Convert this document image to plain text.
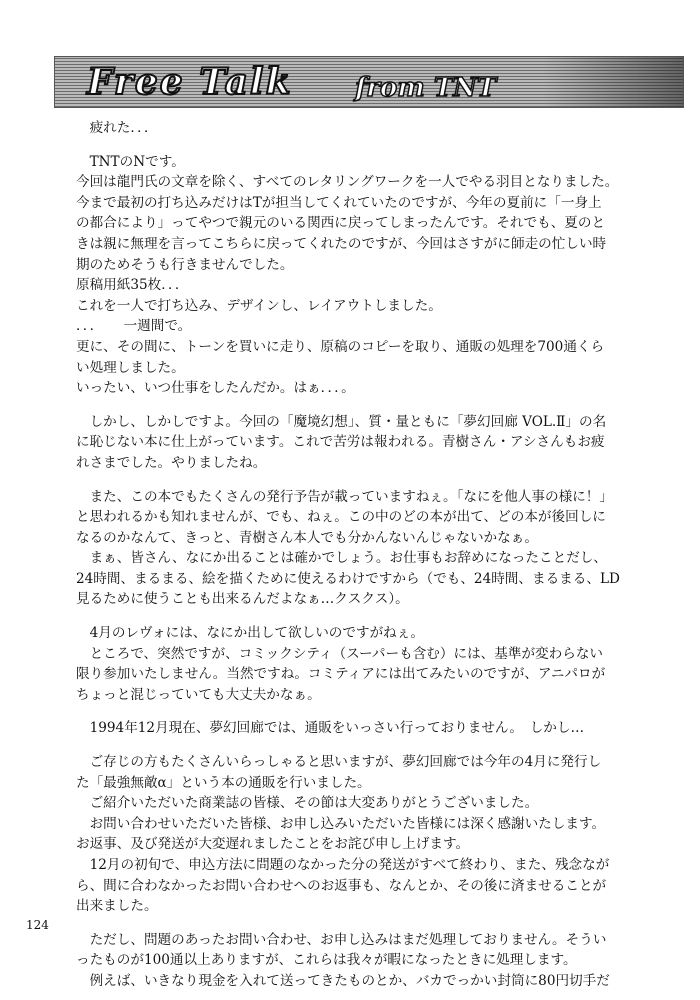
Free Talk from TNT
　疲れた．．．
　TNTのNです。
今回は龍門氏の文章を除く、すべてのレタリングワークを一人でやる羽目となりました。
今まで最初の打ち込みだけはTが担当してくれていたのですが、今年の夏前に「一身上
の都合により」ってやつで親元のいる関西に戻ってしまったんです。それでも、夏のと
きは親に無理を言ってこちらに戻ってくれたのですが、今回はさすがに師走の忙しい時
期のためそうも行きませんでした。
原稿用紙35枚．．．
これを一人で打ち込み、デザインし、レイアウトしました。
．．．　　一週間で。
更に、その間に、トーンを買いに走り、原稿のコピーを取り、通販の処理を700通くら
い処理しました。
いったい、いつ仕事をしたんだか。はぁ．．．。
　しかし、しかしですよ。今回の「魔境幻想」、質・量ともに「夢幻回廊 VOL.Ⅱ」の名
に恥じない本に仕上がっています。これで苦労は報われる。青樹さん・アシさんもお疲
れさまでした。やりましたね。
　また、この本でもたくさんの発行予告が載っていますねぇ。「なにを他人事の様に！」
と思われるかも知れませんが、でも、ねぇ。この中のどの本が出て、どの本が後回しに
なるのかなんて、きっと、青樹さん本人でも分かんないんじゃないかなぁ。
　まぁ、皆さん、なにか出ることは確かでしょう。お仕事もお辞めになったことだし、
24時間、まるまる、絵を描くために使えるわけですから（でも、24時間、まるまる、LD
見るために使うことも出来るんだよなぁ…クスクス）。
　4月のレヴォには、なにか出して欲しいのですがねぇ。
　ところで、突然ですが、コミックシティ（スーパーも含む）には、基準が変わらない
限り参加いたしません。当然ですね。コミティアには出てみたいのですが、アニパロが
ちょっと混じっていても大丈夫かなぁ。
　1994年12月現在、夢幻回廊では、通販をいっさい行っておりません。　しかし…
　ご存じの方もたくさんいらっしゃると思いますが、夢幻回廊では今年の4月に発行し
た「最強無敵α」という本の通販を行いました。
　ご紹介いただいた商業誌の皆様、その節は大変ありがとうございました。
　お問い合わせいただいた皆様、お申し込みいただいた皆様には深く感謝いたします。
お返事、及び発送が大変遅れましたことをお詫び申し上げます。
　12月の初旬で、申込方法に問題のなかった分の発送がすべて終わり、また、残念なが
ら、間に合わなかったお問い合わせへのお返事も、なんとか、その後に済ませることが
出来ました。
　ただし、問題のあったお問い合わせ、お申し込みはまだ処理しておりません。そうい
ったものが100通以上ありますが、これらは我々が暇になったときに処理します。
　例えば、いきなり現金を入れて送ってきたものとか、バカでっかい封筒に80円切手だ
124
